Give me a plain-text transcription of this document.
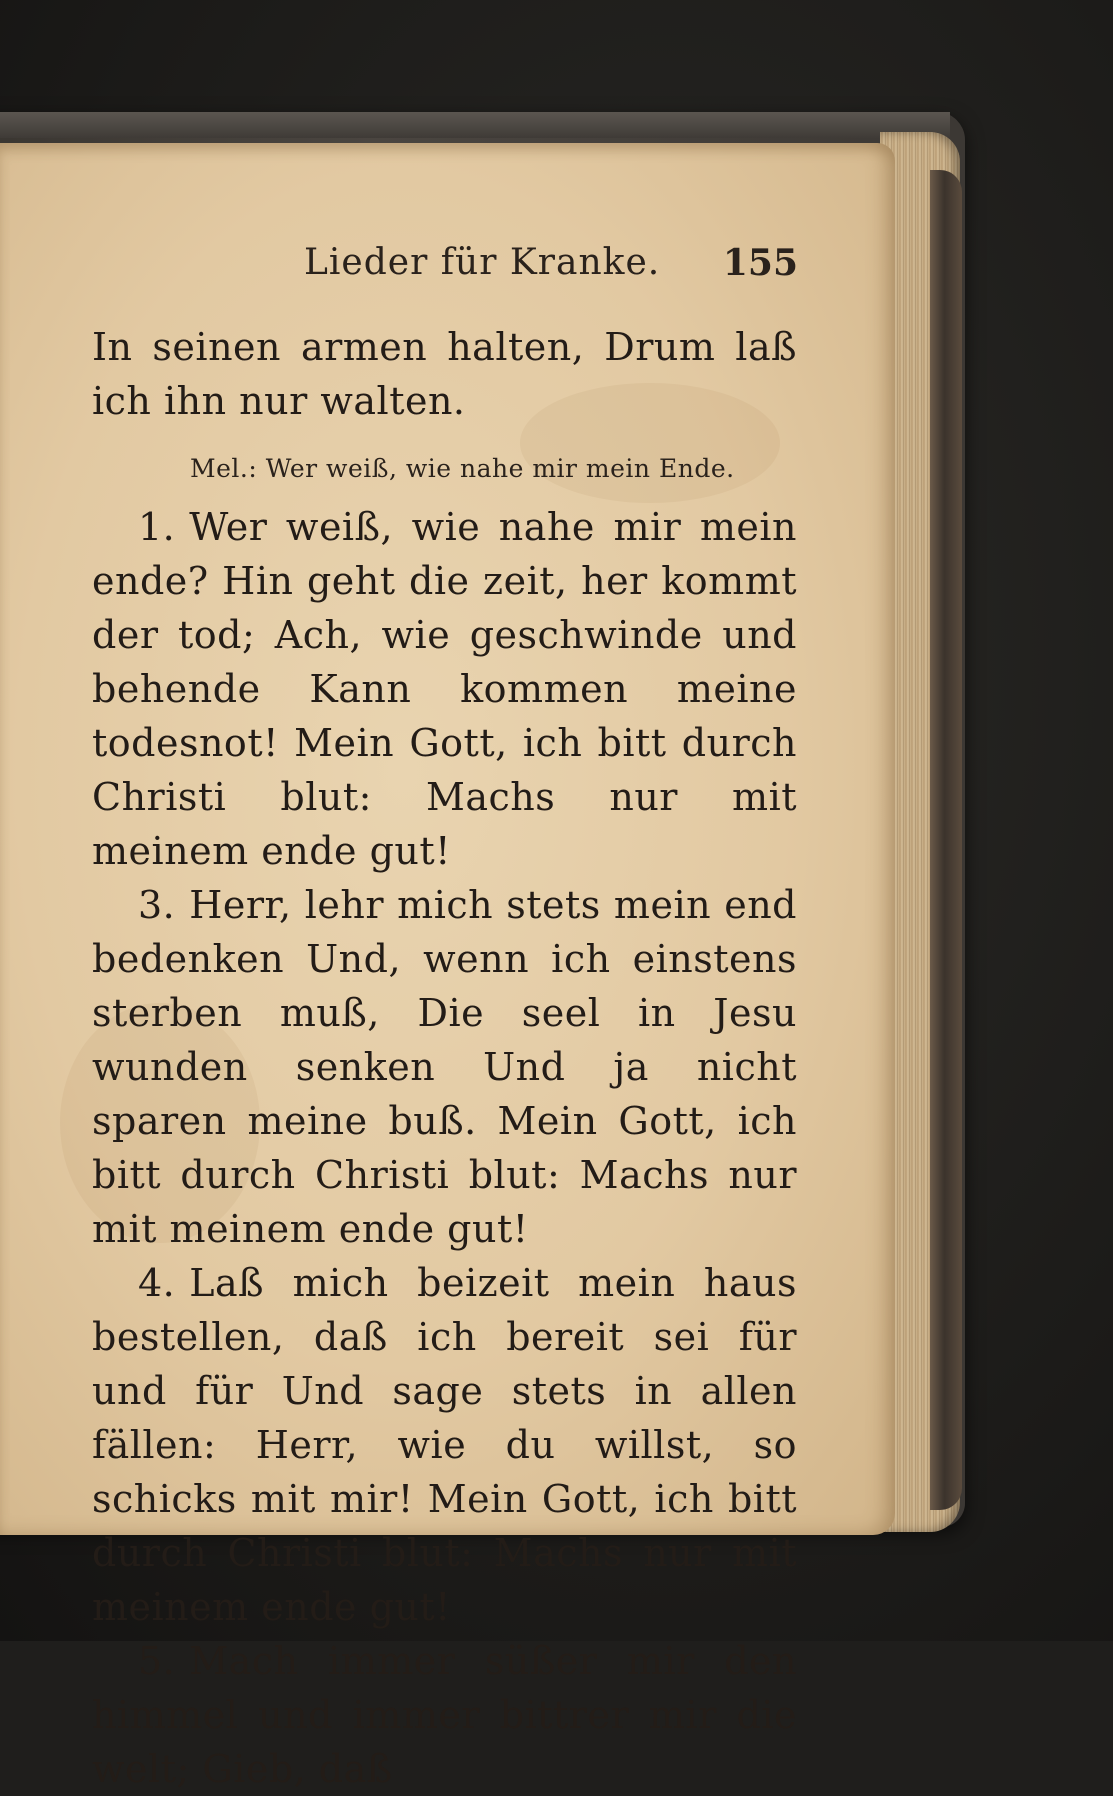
Lieder für Kranke. 155
In seinen armen halten, Drum laß ich ihn nur walten.
Mel.: Wer weiß, wie nahe mir mein Ende.

1. Wer weiß, wie nahe mir mein ende? Hin geht die zeit, her kommt der tod; Ach, wie geschwinde und behende Kann kommen meine todesnot! Mein Gott, ich bitt durch Christi blut: Machs nur mit meinem ende gut!

3. Herr, lehr mich stets mein end bedenken Und, wenn ich einstens sterben muß, Die seel in Jesu wunden senken Und ja nicht sparen meine buß. Mein Gott, ich bitt durch Christi blut: Machs nur mit meinem ende gut!

4. Laß mich beizeit mein haus bestellen, daß ich bereit sei für und für Und sage stets in allen fällen: Herr, wie du willst, so schicks mit mir! Mein Gott, ich bitt durch Christi blut: Machs nur mit meinem ende gut!

5. Mach immer süßer mir den himmel und immer bittrer mir die welt; Gieb, daß
